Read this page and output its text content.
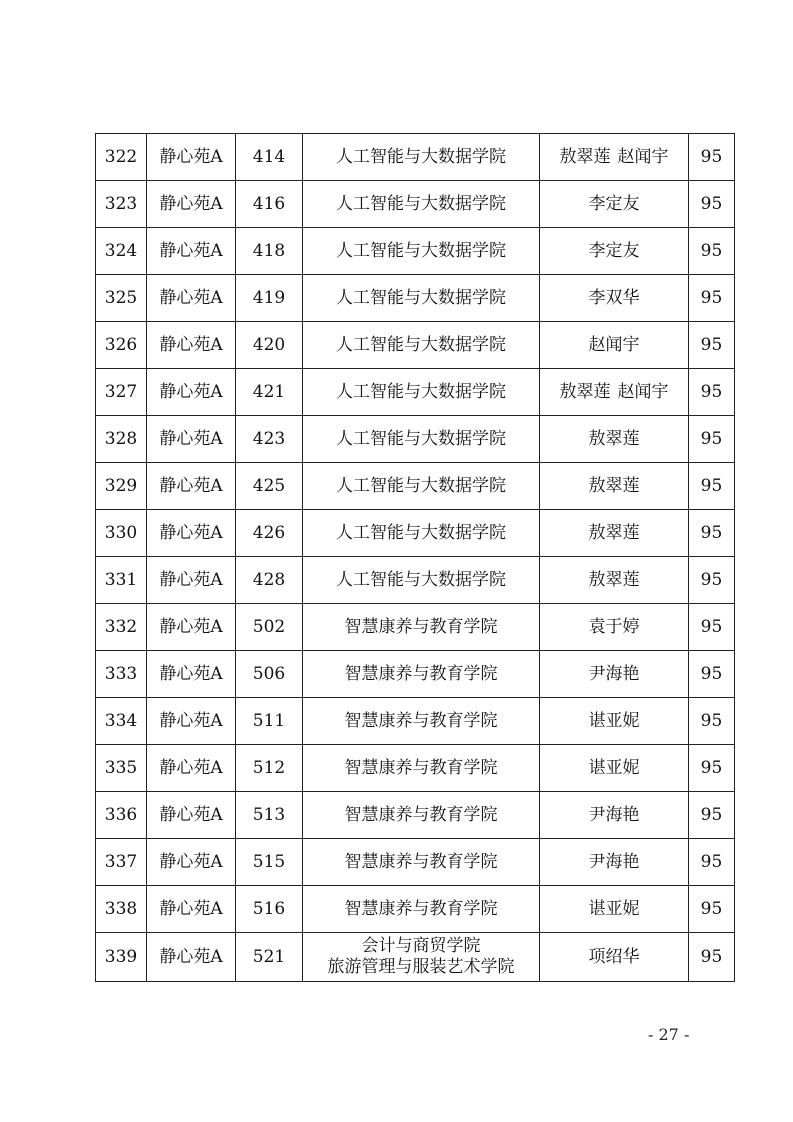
322	静心苑A	414	人工智能与大数据学院	敖翠莲 赵闻宇	95
323	静心苑A	416	人工智能与大数据学院	李定友	95
324	静心苑A	418	人工智能与大数据学院	李定友	95
325	静心苑A	419	人工智能与大数据学院	李双华	95
326	静心苑A	420	人工智能与大数据学院	赵闻宇	95
327	静心苑A	421	人工智能与大数据学院	敖翠莲 赵闻宇	95
328	静心苑A	423	人工智能与大数据学院	敖翠莲	95
329	静心苑A	425	人工智能与大数据学院	敖翠莲	95
330	静心苑A	426	人工智能与大数据学院	敖翠莲	95
331	静心苑A	428	人工智能与大数据学院	敖翠莲	95
332	静心苑A	502	智慧康养与教育学院	袁于婷	95
333	静心苑A	506	智慧康养与教育学院	尹海艳	95
334	静心苑A	511	智慧康养与教育学院	谌亚妮	95
335	静心苑A	512	智慧康养与教育学院	谌亚妮	95
336	静心苑A	513	智慧康养与教育学院	尹海艳	95
337	静心苑A	515	智慧康养与教育学院	尹海艳	95
338	静心苑A	516	智慧康养与教育学院	谌亚妮	95
339	静心苑A	521	会计与商贸学院
旅游管理与服装艺术学院	项绍华	95
- 27 -
